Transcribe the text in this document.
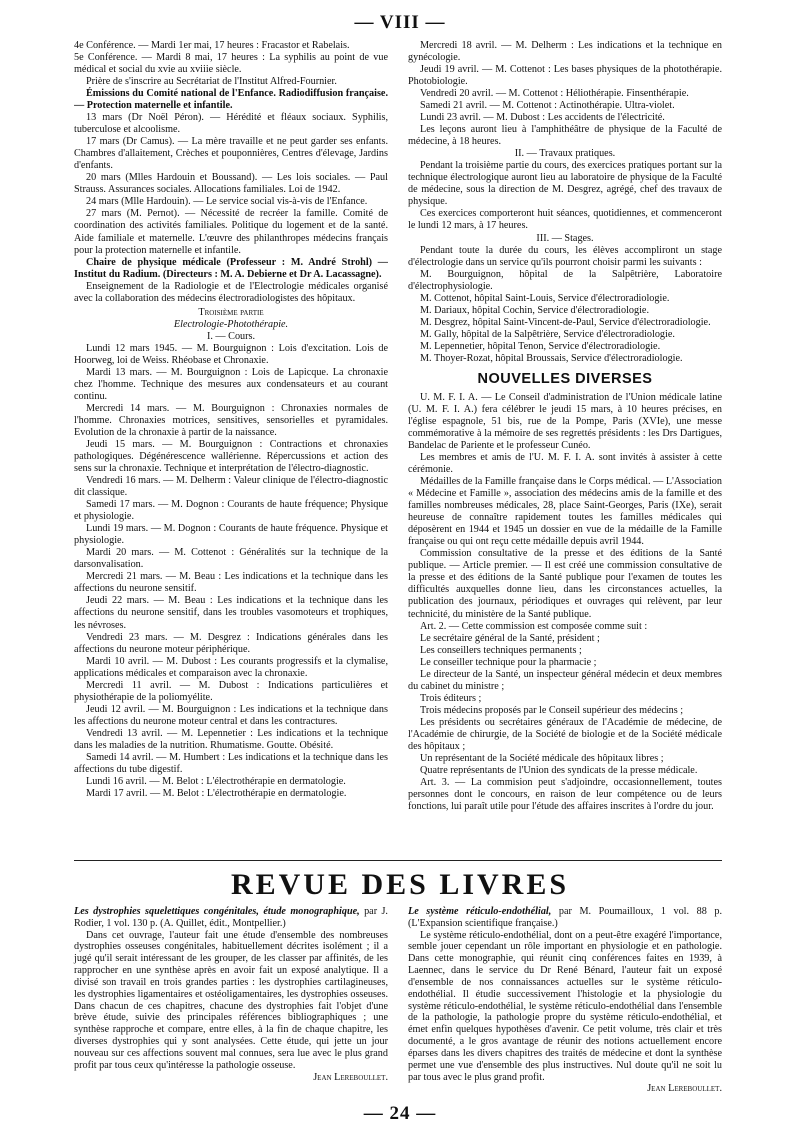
— VIII —

4e Conférence. — Mardi 1er mai, 17 heures : Fracastor et Rabelais.

5e Conférence. — Mardi 8 mai, 17 heures : La syphilis au point de vue médical et social du xvie au xviiie siècle.

Prière de s'inscrire au Secrétariat de l'Institut Alfred-Fournier.

Émissions du Comité national de l'Enfance. Radiodiffusion française. — Protection maternelle et infantile.

13 mars (Dr Noël Péron). — Hérédité et fléaux sociaux. Syphilis, tuberculose et alcoolisme.

17 mars (Dr Camus). — La mère travaille et ne peut garder ses enfants. Chambres d'allaitement, Crèches et pouponnières, Centres d'élevage, Jardins d'enfants.

20 mars (Mlles Hardouin et Boussand). — Les lois sociales. — Paul Strauss. Assurances sociales. Allocations familiales. Loi de 1942.

24 mars (Mlle Hardouin). — Le service social vis-à-vis de l'Enfance.

27 mars (M. Pernot). — Nécessité de recréer la famille. Comité de coordination des activités familiales. Politique du logement et de la santé. Aide familiale et maternelle. L'œuvre des philanthropes médecins français pour la protection maternelle et infantile.

Chaire de physique médicale (Professeur : M. André Strohl) — Institut du Radium. (Directeurs : M. A. Debierne et Dr A. Lacassagne).

Enseignement de la Radiologie et de l'Electrologie médicales organisé avec la collaboration des médecins électroradiologistes des hôpitaux.

Troisième partie

Electrologie-Photothérapie.

I. — Cours.

Lundi 12 mars 1945. — M. Bourguignon : Lois d'excitation. Lois de Hoorweg, loi de Weiss. Rhéobase et Chronaxie.

Mardi 13 mars. — M. Bourguignon : Lois de Lapicque. La chronaxie chez l'homme. Technique des mesures aux condensateurs et au courant continu.

Mercredi 14 mars. — M. Bourguignon : Chronaxies normales de l'homme. Chronaxies motrices, sensitives, sensorielles et pyramidales. Evolution de la chronaxie à partir de la naissance.

Jeudi 15 mars. — M. Bourguignon : Contractions et chronaxies pathologiques. Dégénérescence wallérienne. Répercussions et action des sens sur la chronaxie. Technique et interprétation de l'électro-diagnostic.

Vendredi 16 mars. — M. Delherm : Valeur clinique de l'électro-diagnostic dit classique.

Samedi 17 mars. — M. Dognon : Courants de haute fréquence; Physique et physiologie.

Lundi 19 mars. — M. Dognon : Courants de haute fréquence. Physique et physiologie.

Mardi 20 mars. — M. Cottenot : Généralités sur la technique de la darsonvalisation.

Mercredi 21 mars. — M. Beau : Les indications et la technique dans les affections du neurone sensitif.

Jeudi 22 mars. — M. Beau : Les indications et la technique dans les affections du neurone sensitif, dans les troubles vasomoteurs et trophiques, les névroses.

Vendredi 23 mars. — M. Desgrez : Indications générales dans les affections du neurone moteur périphérique.

Mardi 10 avril. — M. Dubost : Les courants progressifs et la clymalise, applications médicales et comparaison avec la chronaxie.

Mercredi 11 avril. — M. Dubost : Indications particulières et physiothérapie de la poliomyélite.

Jeudi 12 avril. — M. Bourguignon : Les indications et la technique dans les affections du neurone moteur central et dans les contractures.

Vendredi 13 avril. — M. Lepennetier : Les indications et la technique dans les maladies de la nutrition. Rhumatisme. Goutte. Obésité.

Samedi 14 avril. — M. Humbert : Les indications et la technique dans les affections du tube digestif.

Lundi 16 avril. — M. Belot : L'électrothérapie en dermatologie.

Mardi 17 avril. — M. Belot : L'électrothérapie en dermatologie.

Mercredi 18 avril. — M. Delherm : Les indications et la technique en gynécologie.

Jeudi 19 avril. — M. Cottenot : Les bases physiques de la photothérapie. Photobiologie.

Vendredi 20 avril. — M. Cottenot : Héliothérapie. Finsenthérapie.

Samedi 21 avril. — M. Cottenot : Actinothérapie. Ultra-violet.

Lundi 23 avril. — M. Dubost : Les accidents de l'électricité.

Les leçons auront lieu à l'amphithéâtre de physique de la Faculté de médecine, à 18 heures.

II. — Travaux pratiques.

Pendant la troisième partie du cours, des exercices pratiques portant sur la technique électrologique auront lieu au laboratoire de physique de la Faculté de médecine, sous la direction de M. Desgrez, agrégé, chef des travaux de physique.

Ces exercices comporteront huit séances, quotidiennes, et commenceront le lundi 12 mars, à 17 heures.

III. — Stages.

Pendant toute la durée du cours, les élèves accompliront un stage d'électrologie dans un service qu'ils pourront choisir parmi les suivants :

M. Bourguignon, hôpital de la Salpêtrière, Laboratoire d'électrophysiologie.

M. Cottenot, hôpital Saint-Louis, Service d'électroradiologie.

M. Dariaux, hôpital Cochin, Service d'électroradiologie.

M. Desgrez, hôpital Saint-Vincent-de-Paul, Service d'électroradiologie.

M. Gally, hôpital de la Salpêtrière, Service d'électroradiologie.

M. Lepennetier, hôpital Tenon, Service d'électroradiologie.

M. Thoyer-Rozat, hôpital Broussais, Service d'électroradiologie.

NOUVELLES DIVERSES

U. M. F. I. A. — Le Conseil d'administration de l'Union médicale latine (U. M. F. I. A.) fera célébrer le jeudi 15 mars, à 10 heures précises, en l'église espagnole, 51 bis, rue de la Pompe, Paris (XVIe), une messe commémorative à la mémoire de ses regrettés présidents : les Drs Dartigues, Bandelac de Pariente et le professeur Cunéo.

Les membres et amis de l'U. M. F. I. A. sont invités à assister à cette cérémonie.

Médailles de la Famille française dans le Corps médical. — L'Association « Médecine et Famille », association des médecins amis de la famille et des familles nombreuses médicales, 28, place Saint-Georges, Paris (IXe), serait heureuse de connaître rapidement toutes les familles médicales qui déposèrent en 1944 et 1945 un dossier en vue de la médaille de la Famille française ou qui ont reçu cette médaille depuis avril 1944.

Commission consultative de la presse et des éditions de la Santé publique. — Article premier. — Il est créé une commission consultative de la presse et des éditions de la Santé publique pour l'examen de toutes les difficultés auxquelles donne lieu, dans les circonstances actuelles, la publication des journaux, périodiques et ouvrages qui relèvent, par leur technicité, du ministère de la Santé publique.

Art. 2. — Cette commission est composée comme suit :

Le secrétaire général de la Santé, président ;

Les conseillers techniques permanents ;

Le conseiller technique pour la pharmacie ;

Le directeur de la Santé, un inspecteur général médecin et deux membres du cabinet du ministre ;

Trois éditeurs ;

Trois médecins proposés par le Conseil supérieur des médecins ;

Les présidents ou secrétaires généraux de l'Académie de médecine, de l'Académie de chirurgie, de la Société de biologie et de la Société médicale des hôpitaux ;

Un représentant de la Société médicale des hôpitaux libres ;

Quatre représentants de l'Union des syndicats de la presse médicale.

Art. 3. — La commision peut s'adjoindre, occasionnellement, toutes personnes dont le concours, en raison de leur compétence ou de leurs fonctions, lui paraît utile pour l'étude des affaires inscrites à l'ordre du jour.

REVUE DES LIVRES

Les dystrophies squelettiques congénitales, étude monographique, par J. Rodier, 1 vol. 130 p. (A. Quillet, édit., Montpellier.)

Dans cet ouvrage, l'auteur fait une étude d'ensemble des nombreuses dystrophies osseuses congénitales, habituellement décrites isolément ; il a jugé qu'il serait intéressant de les grouper, de les classer par affinités, de les rapprocher en une synthèse après en avoir fait un exposé analytique. Il a divisé son travail en trois grandes parties : les dystrophies cartilagineuses, les dystrophies ligamentaires et ostéoligamentaires, les dystrophies osseuses. Dans chacun de ces chapitres, chacune des dystrophies fait l'objet d'une brève étude, suivie des principales références bibliographiques ; une synthèse rapproche et compare, entre elles, à la fin de chaque chapitre, les diverses dystrophies qui y sont analysées. Cette étude, qui jette un jour nouveau sur ces affections souvent mal connues, sera lue avec le plus grand profit par tous ceux qu'intéresse la pathologie osseuse.

Jean Lereboullet.

Le système réticulo-endothélial, par M. Poumailloux, 1 vol. 88 p. (L'Expansion scientifique française.)

Le système réticulo-endothélial, dont on a peut-être exagéré l'importance, semble jouer cependant un rôle important en physiologie et en pathologie. Dans cette monographie, qui réunit cinq conférences faites en 1939, à Laennec, dans le service du Dr René Bénard, l'auteur fait un exposé d'ensemble de nos connaissances actuelles sur le système réticulo-endothélial. Il étudie successivement l'histologie et la physiologie du système réticulo-endothélial, le système réticulo-endothélial dans l'ensemble de la pathologie, la pathologie propre du système réticulo-endothélial, et émet enfin quelques hypothèses d'avenir. Ce petit volume, très clair et très documenté, a le gros avantage de réunir des notions actuellement encore éparses dans les divers chapitres des traités de médecine et dont la synthèse permet une vue d'ensemble des plus instructives. Nul doute qu'il ne soit lu par tous avec le plus grand profit.

Jean Lereboullet.

— 24 —
